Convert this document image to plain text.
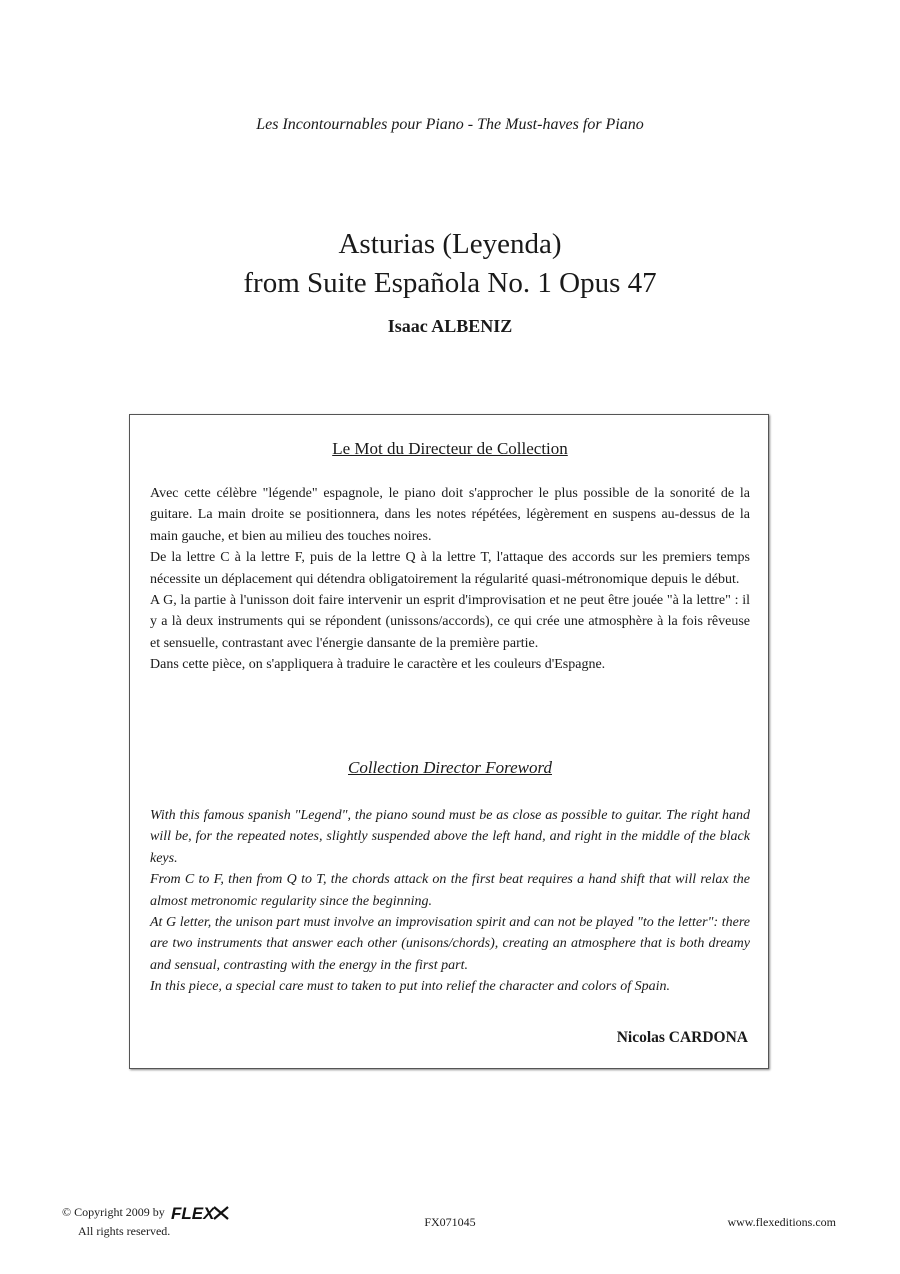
Les Incontournables pour Piano - The Must-haves for Piano
Asturias (Leyenda)
from Suite Española No. 1 Opus 47
Isaac ALBENIZ
Le Mot du Directeur de Collection
Avec cette célèbre "légende" espagnole, le piano doit s'approcher le plus possible de la sonorité de la guitare. La main droite se positionnera, dans les notes répétées, légèrement en suspens au-dessus de la main gauche, et bien au milieu des touches noires.
De la lettre C à la lettre F, puis de la lettre Q à la lettre T, l'attaque des accords sur les premiers temps nécessite un déplacement qui détendra obligatoirement la régularité quasi-métronomique depuis le début.
A G, la partie à l'unisson doit faire intervenir un esprit d'improvisation et ne peut être jouée "à la lettre" : il y a là deux instruments qui se répondent (unissons/accords), ce qui crée une atmosphère à la fois rêveuse et sensuelle, contrastant avec l'énergie dansante de la première partie.
Dans cette pièce, on s'appliquera à traduire le caractère et les couleurs d'Espagne.
Collection Director Foreword
With this famous spanish "Legend", the piano sound must be as close as possible to guitar. The right hand will be, for the repeated notes, slightly suspended above the left hand, and right in the middle of the black keys.
From C to F, then from Q to T, the chords attack on the first beat requires a hand shift that will relax the almost metronomic regularity since the beginning.
At G letter, the unison part must involve an improvisation spirit and can not be played "to the letter": there are two instruments that answer each other (unisons/chords), creating an atmosphere that is both dreamy and sensual, contrasting with the energy in the first part.
In this piece, a special care must to taken to put into relief the character and colors of Spain.
Nicolas CARDONA
© Copyright 2009 by FLEX
All rights reserved.
FX071045	www.flexeditions.com
